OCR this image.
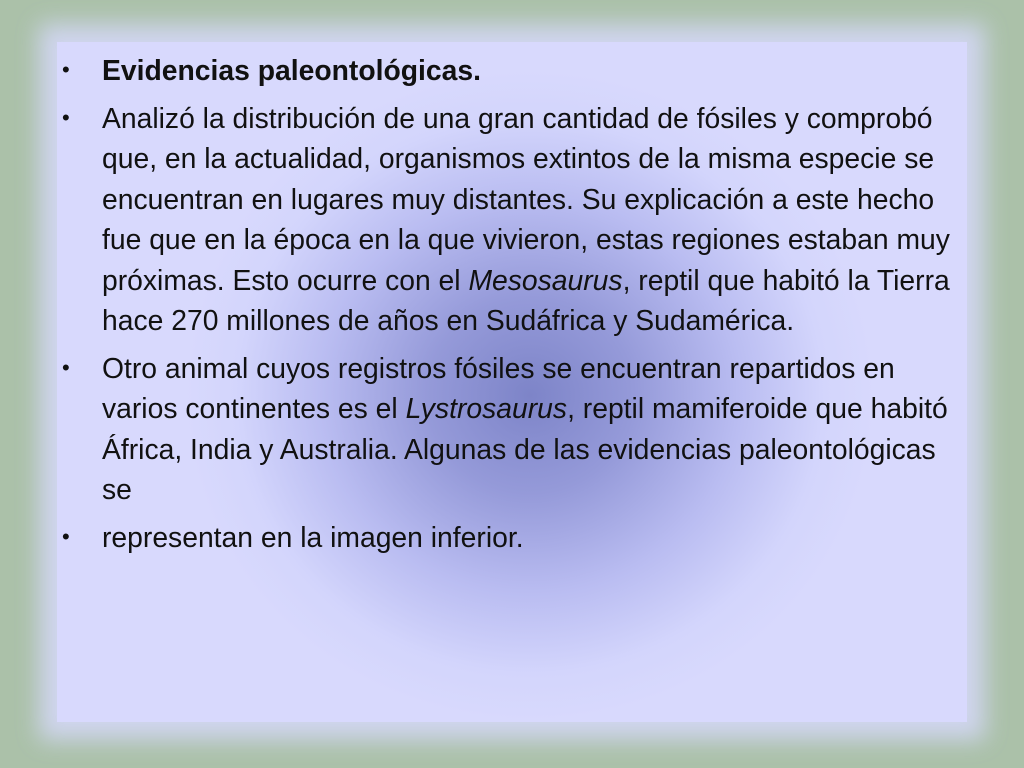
•	Evidencias paleontológicas.
•	Analizó la distribución de una gran cantidad de fósiles y comprobó que, en la actualidad, organismos extintos de la misma especie se encuentran en lugares muy distantes. Su explicación a este hecho fue que en la época en la que vivieron, estas regiones estaban muy próximas. Esto ocurre con el Mesosaurus, reptil que habitó la Tierra hace 270 millones de años en Sudáfrica y Sudamérica.
•	Otro animal cuyos registros fósiles se encuentran repartidos en varios continentes es el Lystrosaurus, reptil mamiferoide que habitó África, India y Australia. Algunas de las evidencias paleontológicas se
•	representan en la imagen inferior.
